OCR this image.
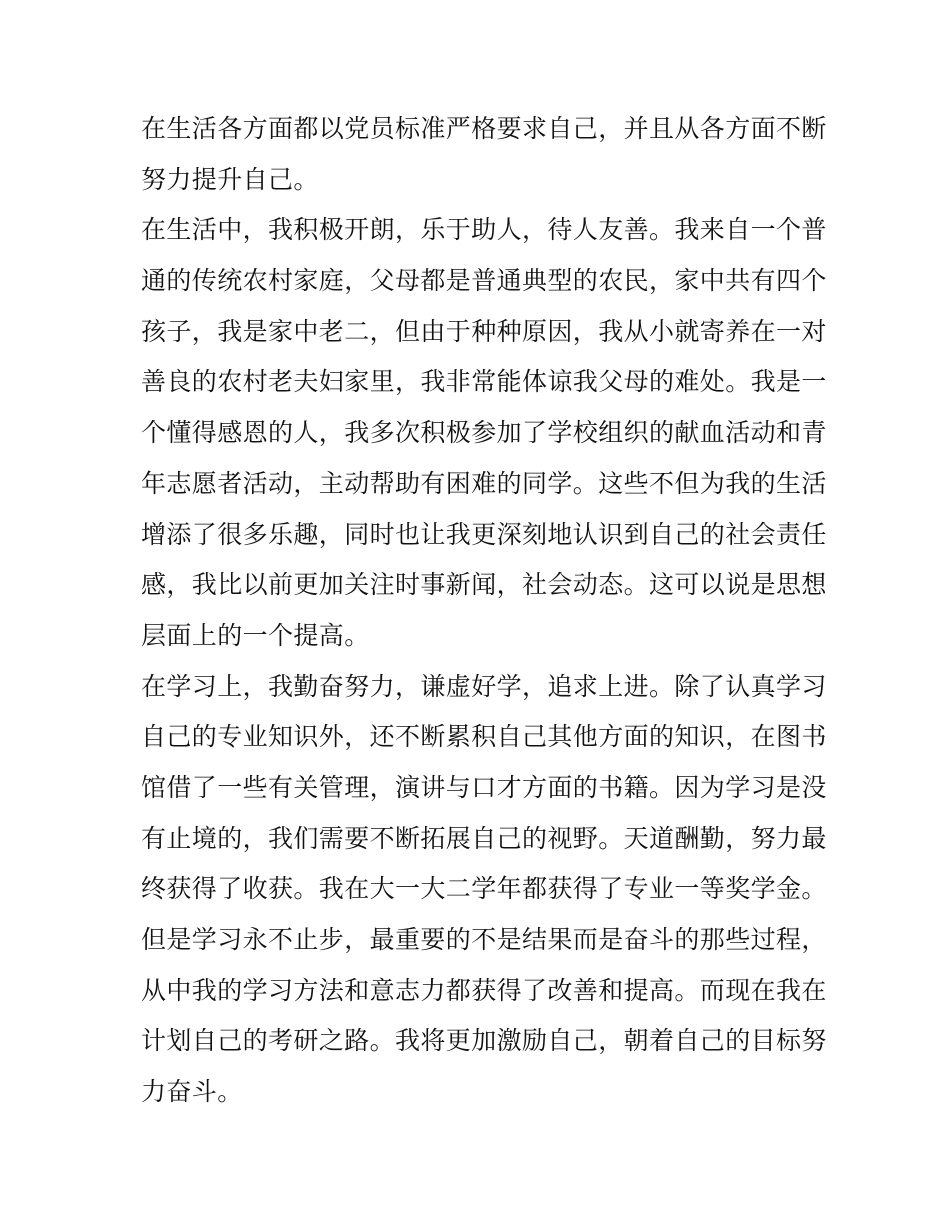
在生活各方面都以党员标准严格要求自己，并且从各方面不断
努力提升自己。
在生活中，我积极开朗，乐于助人，待人友善。我来自一个普
通的传统农村家庭，父母都是普通典型的农民，家中共有四个
孩子，我是家中老二，但由于种种原因，我从小就寄养在一对
善良的农村老夫妇家里，我非常能体谅我父母的难处。我是一
个懂得感恩的人，我多次积极参加了学校组织的献血活动和青
年志愿者活动，主动帮助有困难的同学。这些不但为我的生活
增添了很多乐趣，同时也让我更深刻地认识到自己的社会责任
感，我比以前更加关注时事新闻，社会动态。这可以说是思想
层面上的一个提高。
在学习上，我勤奋努力，谦虚好学，追求上进。除了认真学习
自己的专业知识外，还不断累积自己其他方面的知识，在图书
馆借了一些有关管理，演讲与口才方面的书籍。因为学习是没
有止境的，我们需要不断拓展自己的视野。天道酬勤，努力最
终获得了收获。我在大一大二学年都获得了专业一等奖学金。
但是学习永不止步，最重要的不是结果而是奋斗的那些过程，
从中我的学习方法和意志力都获得了改善和提高。而现在我在
计划自己的考研之路。我将更加激励自己，朝着自己的目标努
力奋斗。
